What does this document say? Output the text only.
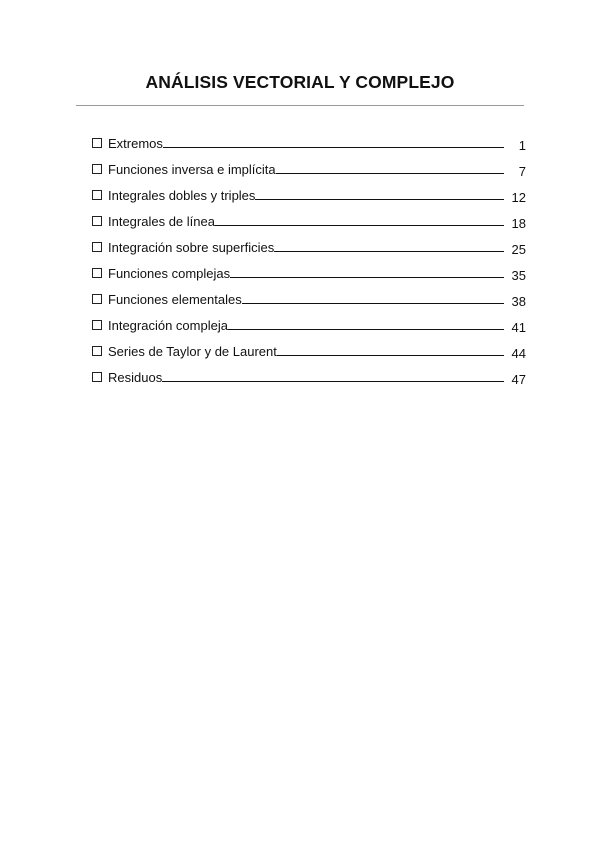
ANÁLISIS VECTORIAL Y COMPLEJO
Extremos	1
Funciones inversa e implícita	7
Integrales dobles y triples	12
Integrales de línea	18
Integración sobre superficies	25
Funciones complejas	35
Funciones elementales	38
Integración compleja	41
Series de Taylor y de Laurent	44
Residuos	47
